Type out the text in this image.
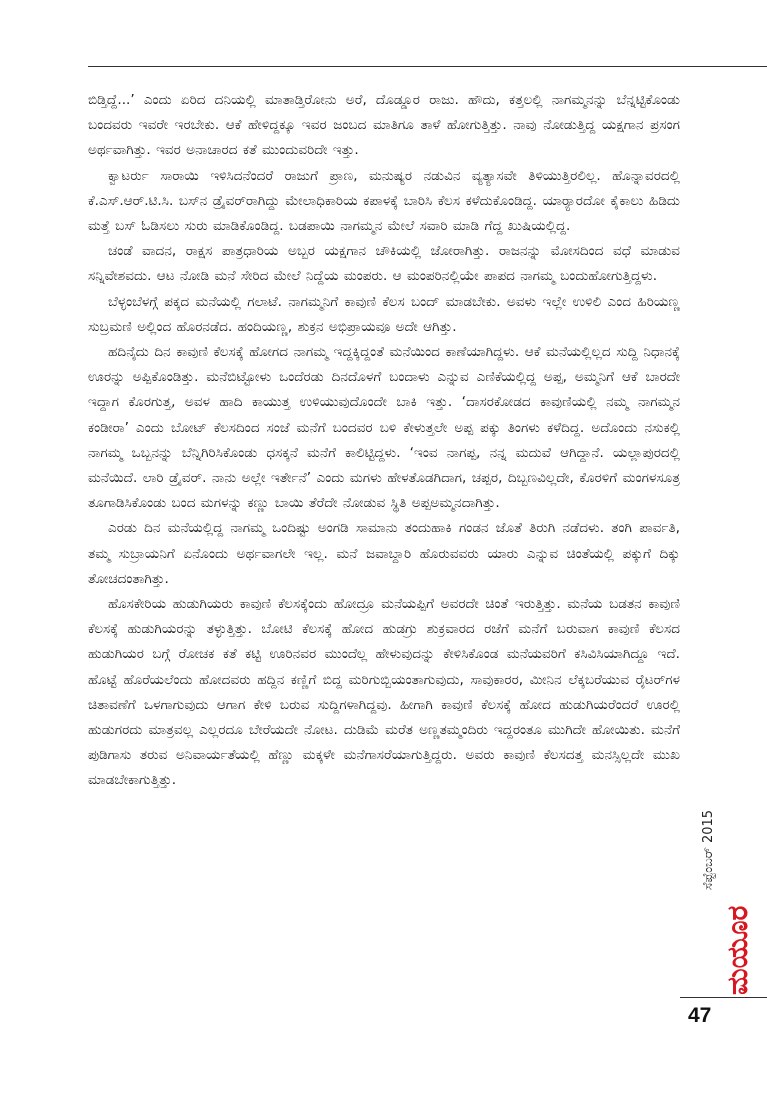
ಬಿಡ್ತಿದ್ದೆ...’ ಎಂದು ಏರಿದ ದನಿಯಲ್ಲಿ ಮಾತಾಡ್ತಿರೋನು ಅರೆ, ದೊಡ್ಡೂರ ರಾಜು. ಹೌದು, ಕತ್ತಲಲ್ಲಿ ನಾಗಮ್ಮನನ್ನು ಬೆನ್ನಟ್ಟಿಕೊಂಡು ಬಂದವರು ಇವರೇ ಇರಬೇಕು. ಆಕೆ ಹೇಳಿದ್ದಕ್ಕೂ ಇವರ ಜಂಬದ ಮಾತಿಗೂ ತಾಳೆ ಹೋಗುತ್ತಿತ್ತು. ನಾವು ನೋಡುತ್ತಿದ್ದ ಯಕ್ಷಗಾನ ಪ್ರಸಂಗ ಅರ್ಥವಾಗಿತ್ತು. ಇವರ ಅನಾಚಾರದ ಕತೆ ಮುಂದುವರಿದೇ ಇತ್ತು.

ಕ್ವಾಟರ್ರು ಸಾರಾಯಿ ಇಳಿಸಿದನೆಂದರೆ ರಾಜುಗೆ ಪ್ರಾಣ, ಮನುಷ್ಯರ ನಡುವಿನ ವ್ಯತ್ಯಾಸವೇ ತಿಳಿಯುತ್ತಿರಲಿಲ್ಲ. ಹೊನ್ನಾವರದಲ್ಲಿ ಕೆ.ಎಸ್.ಆರ್.ಟಿ.ಸಿ. ಬಸ್‌ನ ಡ್ರೈವರ್‌ರಾಗಿದ್ದು ಮೇಲಾಧಿಕಾರಿಯ ಕಪಾಳಕ್ಕೆ ಬಾರಿಸಿ ಕೆಲಸ ಕಳೆದುಕೊಂಡಿದ್ದ. ಯಾರ್‍ಯಾರದೋ ಕೈಕಾಲು ಹಿಡಿದು ಮತ್ತೆ ಬಸ್ ಓಡಿಸಲು ಸುರು ಮಾಡಿಕೊಂಡಿದ್ದ. ಬಡಪಾಯಿ ನಾಗಮ್ಮನ ಮೇಲೆ ಸವಾರಿ ಮಾಡಿ ಗೆದ್ದ ಖುಷಿಯಲ್ಲಿದ್ದ.

ಚಂಡೆ ವಾದನ, ರಾಕ್ಷಸ ಪಾತ್ರಧಾರಿಯ ಅಬ್ಬರ ಯಕ್ಷಗಾನ ಚೌಕಿಯಲ್ಲಿ ಜೋರಾಗಿತ್ತು. ರಾಜನನ್ನು ಮೋಸದಿಂದ ವಧೆ ಮಾಡುವ ಸನ್ನಿವೇಶವದು. ಆಟ ನೋಡಿ ಮನೆ ಸೇರಿದ ಮೇಲೆ ನಿದ್ದೆಯ ಮಂಪರು. ಆ ಮಂಪರಿನಲ್ಲಿಯೇ ಪಾಪದ ನಾಗಮ್ಮ ಬಂದುಹೋಗುತ್ತಿದ್ದಳು.

ಬೆಳ್ಳಂಬೆಳಗ್ಗೆ ಪಕ್ಕದ ಮನೆಯಲ್ಲಿ ಗಲಾಟೆ. ನಾಗಮ್ಮನಿಗೆ ಕಾವುಣಿ ಕೆಲಸ ಬಂದ್ ಮಾಡಬೇಕು. ಅವಳು ಇಲ್ಲೇ ಉಳಿಲಿ ಎಂದ ಹಿರಿಯಣ್ಣ ಸುಬ್ರಮಣಿ ಅಲ್ಲಿಂದ ಹೊರನಡೆದ. ಹಂದಿಯಣ್ಣ, ಶುಕ್ರನ ಅಭಿಪ್ರಾಯವೂ ಅದೇ ಆಗಿತ್ತು.

ಹದಿನೈದು ದಿನ ಕಾವುಣಿ ಕೆಲಸಕ್ಕೆ ಹೋಗದ ನಾಗಮ್ಮ ಇದ್ದಕ್ಕಿದ್ದಂತೆ ಮನೆಯಿಂದ ಕಾಣೆಯಾಗಿದ್ದಳು. ಆಕೆ ಮನೆಯಲ್ಲಿಲ್ಲದ ಸುದ್ದಿ ನಿಧಾನಕ್ಕೆ ಊರನ್ನು ಅಪ್ಪಿಕೊಂಡಿತ್ತು. ಮನೆಬಿಟ್ಟೋಳು ಒಂದೆರಡು ದಿನದೊಳಗೆ ಬಂದಾಳು ಎನ್ನುವ ಎಣಿಕೆಯಲ್ಲಿದ್ದ ಅಪ್ಪ, ಅಮ್ಮನಿಗೆ ಆಕೆ ಬಾರದೇ ಇದ್ದಾಗ ಕೊರಗುತ್ತ, ಅವಳ ಹಾದಿ ಕಾಯುತ್ತ ಉಳಿಯುವುದೊಂದೇ ಬಾಕಿ ಇತ್ತು. ‘ದಾಸರಕೋಡದ ಕಾವುಣಿಯಲ್ಲಿ ನಮ್ಮ ನಾಗಮ್ಮನ ಕಂಡೀರಾ’ ಎಂದು ಬೋಟ್ ಕೆಲಸದಿಂದ ಸಂಜೆ ಮನೆಗೆ ಬಂದವರ ಬಳಿ ಕೇಳುತ್ತಲೇ ಅಪ್ಪ ಪಕ್ಕು ತಿಂಗಳು ಕಳೆದಿದ್ದ. ಅದೊಂದು ನಸುಕಲ್ಲಿ ನಾಗಮ್ಮ ಒಬ್ಬನನ್ನು ಬೆನ್ನಿಗಿರಿಸಿಕೊಂಡು ಧಸಕ್ಕನೆ ಮನೆಗೆ ಕಾಲಿಟ್ಟಿದ್ದಳು. ‘ಇಂವ ನಾಗಪ್ಪ, ನನ್ನ ಮದುವೆ ಆಗಿದ್ದಾನೆ. ಯಲ್ಲಾಪುರದಲ್ಲಿ ಮನೆಯಿದೆ. ಲಾರಿ ಡ್ರೈವರ್. ನಾನು ಅಲ್ಲೇ ಇರ್ತೇನೆ’ ಎಂದು ಮಗಳು ಹೇಳತೊಡಗಿದಾಗ, ಚಪ್ಪರ, ದಿಬ್ಬಣವಿಲ್ಲದೇ, ಕೊರಳಿಗೆ ಮಂಗಳಸೂತ್ರ ತೂಗಾಡಿಸಿಕೊಂಡು ಬಂದ ಮಗಳನ್ನು ಕಣ್ಣು ಬಾಯಿ ತೆರೆದೇ ನೋಡುವ ಸ್ಥಿತಿ ಅಪ್ಪಅಮ್ಮನದಾಗಿತ್ತು.

ಎರಡು ದಿನ ಮನೆಯಲ್ಲಿದ್ದ ನಾಗಮ್ಮ ಒಂದಿಷ್ಟು ಅಂಗಡಿ ಸಾಮಾನು ತಂದುಹಾಕಿ ಗಂಡನ ಜೊತೆ ತಿರುಗಿ ನಡೆದಳು. ತಂಗಿ ಪಾರ್ವತಿ, ತಮ್ಮ ಸುಬ್ರಾಯನಿಗೆ ಏನೊಂದು ಅರ್ಥವಾಗಲೇ ಇಲ್ಲ. ಮನೆ ಜವಾಬ್ದಾರಿ ಹೊರುವವರು ಯಾರು ಎನ್ನುವ ಚಿಂತೆಯಲ್ಲಿ ಪಕ್ಕುಗೆ ದಿಕ್ಕು ತೋಚದಂತಾಗಿತ್ತು.

ಹೊಸಕೇರಿಯ ಹುಡುಗಿಯರು ಕಾವುಣಿ ಕೆಲಸಕ್ಕೆಂದು ಹೋದ್ರೂ ಮನೆಯಪ್ಪಿಗೆ ಅವರದೇ ಚಿಂತೆ ಇರುತ್ತಿತ್ತು. ಮನೆಯ ಬಡತನ ಕಾವುಣಿ ಕೆಲಸಕ್ಕೆ ಹುಡುಗಿಯರನ್ನು ತಳ್ಳುತ್ತಿತ್ತು. ಬೋಟಿ ಕೆಲಸಕ್ಕೆ ಹೋದ ಹುಡಗ್ರು ಶುಕ್ರವಾರದ ರಜೆಗೆ ಮನೆಗೆ ಬರುವಾಗ ಕಾವುಣಿ ಕೆಲಸದ ಹುಡುಗಿಯರ ಬಗ್ಗೆ ರೋಚಕ ಕತೆ ಕಟ್ಟಿ ಊರಿನವರ ಮುಂದೆಲ್ಲ ಹೇಳುವುದನ್ನು ಕೇಳಿಸಿಕೊಂಡ ಮನೆಯವರಿಗೆ ಕಸಿವಿಸಿಯಾಗಿದ್ದೂ ಇದೆ. ಹೊಟ್ಟೆ ಹೊರೆಯಲೆಂದು ಹೋದವರು ಹದ್ದಿನ ಕಣ್ಣಿಗೆ ಬಿದ್ದ ಮರಿಗುಬ್ಬಿಯಂತಾಗುವುದು, ಸಾವುಕಾರರ, ಮೀನಿನ ಲೆಕ್ಕಬರೆಯುವ ರೈಟರ್‌ಗಳ ಚಿತಾವಣೆಗೆ ಒಳಗಾಗುವುದು ಆಗಾಗ ಕೇಳಿ ಬರುವ ಸುದ್ದಿಗಳಾಗಿದ್ದವು. ಹೀಗಾಗಿ ಕಾವುಣಿ ಕೆಲಸಕ್ಕೆ ಹೋದ ಹುಡುಗಿಯರೆಂದರೆ ಊರಲ್ಲಿ ಹುಡುಗರದು ಮಾತ್ರವಲ್ಲ ಎಲ್ಲರದೂ ಬೇರೆಯದೇ ನೋಟ. ದುಡಿಮೆ ಮರೆತ ಅಣ್ಣತಮ್ಮಂದಿರು ಇದ್ದರಂತೂ ಮುಗಿದೇ ಹೋಯಿತು. ಮನೆಗೆ ಪುಡಿಗಾಸು ತರುವ ಅನಿವಾರ್ಯತೆಯಲ್ಲಿ ಹೆಣ್ಣು ಮಕ್ಕಳೇ ಮನೆಗಾಸರೆಯಾಗುತ್ತಿದ್ದರು. ಅವರು ಕಾವುಣಿ ಕೆಲಸದತ್ತ ಮನಸ್ಸಿಲ್ಲದೇ ಮುಖ ಮಾಡಬೇಕಾಗುತ್ತಿತ್ತು.

ಸೆಪ್ಟೆಂಬರ್ 2015
ಮಯೂರ
47
